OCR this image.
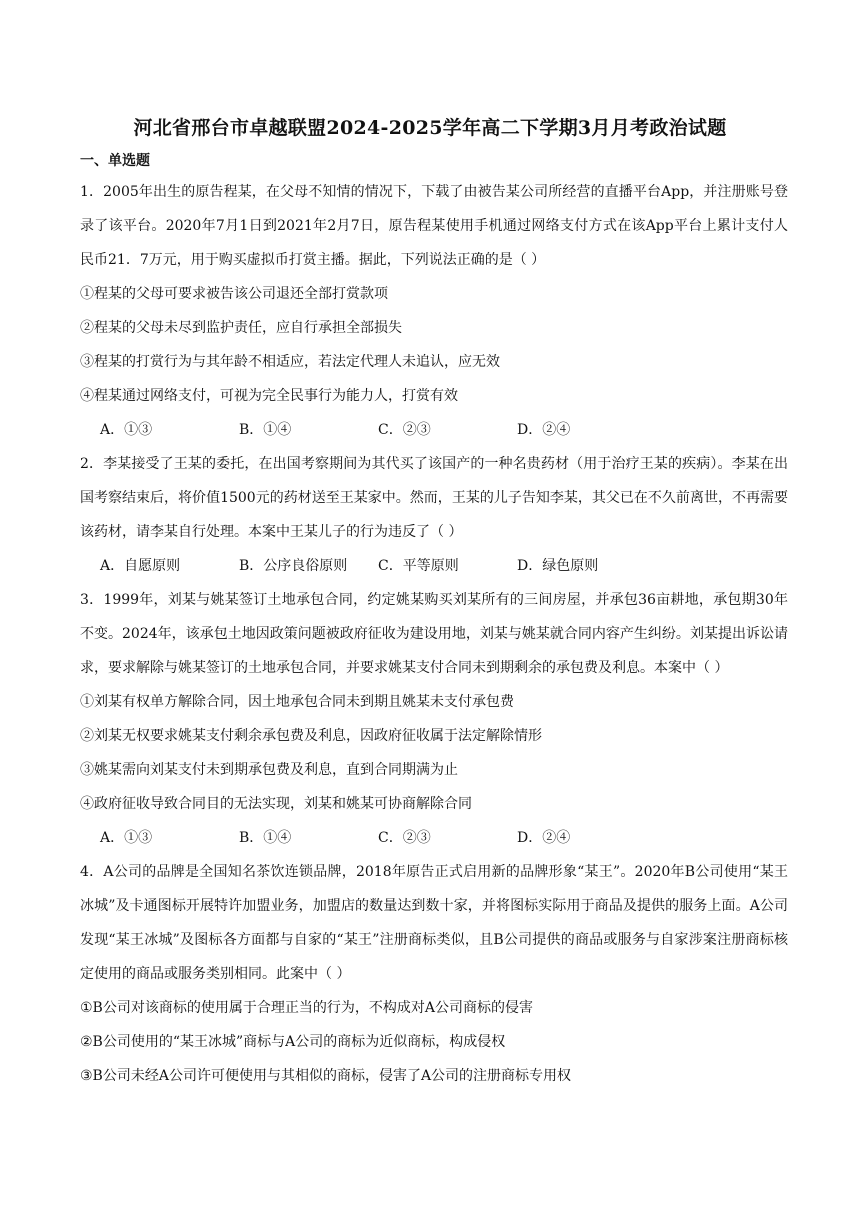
河北省邢台市卓越联盟2024-2025学年高二下学期3月月考政治试题
一、单选题

1．2005年出生的原告程某，在父母不知情的情况下，下载了由被告某公司所经营的直播平台App，并注册账号登录了该平台。2020年7月1日到2021年2月7日，原告程某使用手机通过网络支付方式在该App平台上累计支付人民币21．7万元，用于购买虚拟币打赏主播。据此，下列说法正确的是（ ）

①程某的父母可要求被告该公司退还全部打赏款项

②程某的父母未尽到监护责任，应自行承担全部损失

③程某的打赏行为与其年龄不相适应，若法定代理人未追认，应无效

④程某通过网络支付，可视为完全民事行为能力人，打赏有效

A．①③	B．①④	C．②③	D．②④

2．李某接受了王某的委托，在出国考察期间为其代买了该国产的一种名贵药材（用于治疗王某的疾病）。李某在出国考察结束后，将价值1500元的药材送至王某家中。然而，王某的儿子告知李某，其父已在不久前离世，不再需要该药材，请李某自行处理。本案中王某儿子的行为违反了（ ）

A．自愿原则	B．公序良俗原则	C．平等原则	D．绿色原则

3．1999年，刘某与姚某签订土地承包合同，约定姚某购买刘某所有的三间房屋，并承包36亩耕地，承包期30年不变。2024年，该承包土地因政策问题被政府征收为建设用地，刘某与姚某就合同内容产生纠纷。刘某提出诉讼请求，要求解除与姚某签订的土地承包合同，并要求姚某支付合同未到期剩余的承包费及利息。本案中（ ）

①刘某有权单方解除合同，因土地承包合同未到期且姚某未支付承包费

②刘某无权要求姚某支付剩余承包费及利息，因政府征收属于法定解除情形

③姚某需向刘某支付未到期承包费及利息，直到合同期满为止

④政府征收导致合同目的无法实现，刘某和姚某可协商解除合同

A．①③	B．①④	C．②③	D．②④

4．A公司的品牌是全国知名茶饮连锁品牌，2018年原告正式启用新的品牌形象“某王”。2020年B公司使用“某王冰城”及卡通图标开展特许加盟业务，加盟店的数量达到数十家，并将图标实际用于商品及提供的服务上面。A公司发现“某王冰城”及图标各方面都与自家的“某王”注册商标类似，且B公司提供的商品或服务与自家涉案注册商标核定使用的商品或服务类别相同。此案中（ ）

①B公司对该商标的使用属于合理正当的行为，不构成对A公司商标的侵害

②B公司使用的“某王冰城”商标与A公司的商标为近似商标，构成侵权

③B公司未经A公司许可便使用与其相似的商标，侵害了A公司的注册商标专用权
